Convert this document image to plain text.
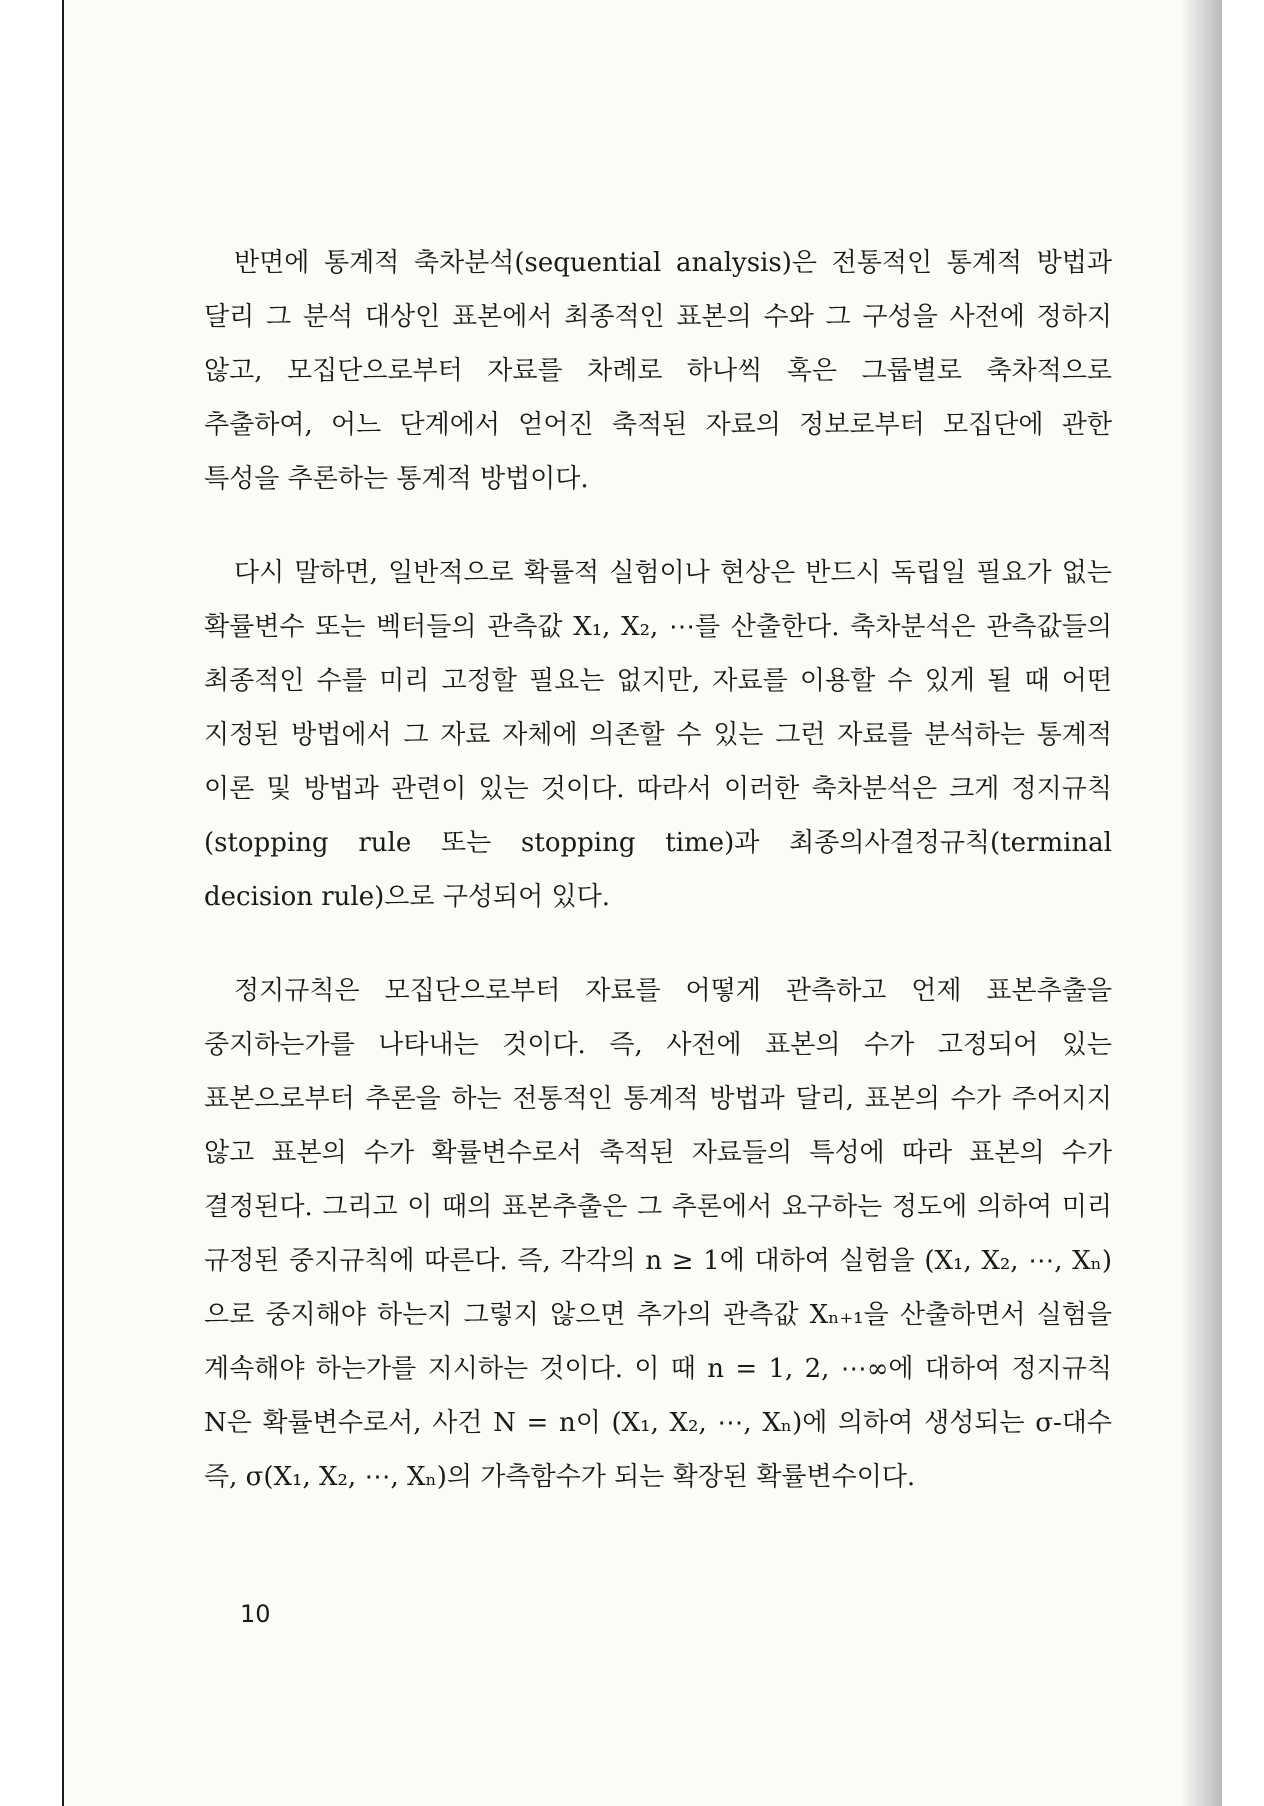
반면에 통계적 축차분석(sequential analysis)은 전통적인 통계적 방법과 달리 그 분석 대상인 표본에서 최종적인 표본의 수와 그 구성을 사전에 정하지 않고, 모집단으로부터 자료를 차례로 하나씩 혹은 그룹별로 축차적으로 추출하여, 어느 단계에서 얻어진 축적된 자료의 정보로부터 모집단에 관한 특성을 추론하는 통계적 방법이다.

다시 말하면, 일반적으로 확률적 실험이나 현상은 반드시 독립일 필요가 없는 확률변수 또는 벡터들의 관측값 X₁, X₂, ⋯를 산출한다. 축차분석은 관측값들의 최종적인 수를 미리 고정할 필요는 없지만, 자료를 이용할 수 있게 될 때 어떤 지정된 방법에서 그 자료 자체에 의존할 수 있는 그런 자료를 분석하는 통계적 이론 및 방법과 관련이 있는 것이다. 따라서 이러한 축차분석은 크게 정지규칙(stopping rule 또는 stopping time)과 최종의사결정규칙(terminal decision rule)으로 구성되어 있다.

정지규칙은 모집단으로부터 자료를 어떻게 관측하고 언제 표본추출을 중지하는가를 나타내는 것이다. 즉, 사전에 표본의 수가 고정되어 있는 표본으로부터 추론을 하는 전통적인 통계적 방법과 달리, 표본의 수가 주어지지 않고 표본의 수가 확률변수로서 축적된 자료들의 특성에 따라 표본의 수가 결정된다. 그리고 이 때의 표본추출은 그 추론에서 요구하는 정도에 의하여 미리 규정된 중지규칙에 따른다. 즉, 각각의 n ≥ 1에 대하여 실험을 (X₁, X₂, ⋯, Xₙ)으로 중지해야 하는지 그렇지 않으면 추가의 관측값 Xₙ₊₁을 산출하면서 실험을 계속해야 하는가를 지시하는 것이다. 이 때 n = 1, 2, ⋯∞에 대하여 정지규칙 N은 확률변수로서, 사건 N = n이 (X₁, X₂, ⋯, Xₙ)에 의하여 생성되는 σ-대수 즉, σ(X₁, X₂, ⋯, Xₙ)의 가측함수가 되는 확장된 확률변수이다.

10
